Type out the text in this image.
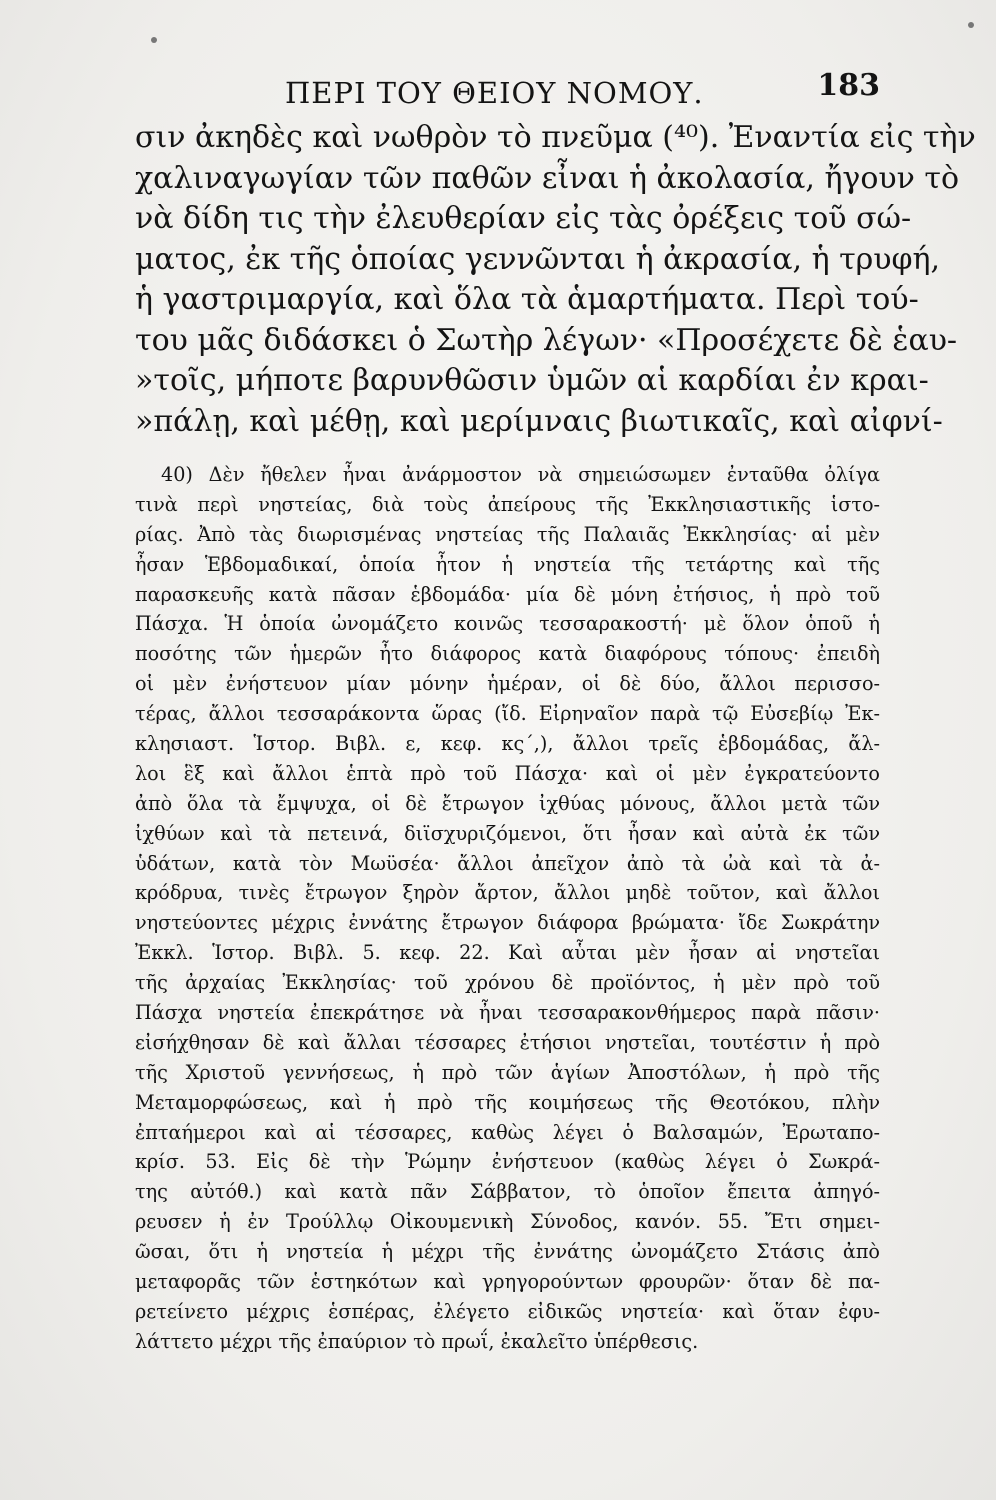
ΠΕΡΙ ΤΟΥ ΘΕΙΟΥ ΝΟΜΟΥ.	183
σιν ἀκηδὲς καὶ νωθρὸν τὸ πνεῦμα (⁴⁰). Ἐναντία εἰς τὴν
χαλιναγωγίαν τῶν παθῶν εἶναι ἡ ἀκολασία, ἤγουν τὸ
νὰ δίδη τις τὴν ἐλευθερίαν εἰς τὰς ὀρέξεις τοῦ σώ-
ματος, ἐκ τῆς ὁποίας γεννῶνται ἡ ἀκρασία, ἡ τρυφή,
ἡ γαστριμαργία, καὶ ὅλα τὰ ἁμαρτήματα. Περὶ τού-
του μᾶς διδάσκει ὁ Σωτὴρ λέγων· «Προσέχετε δὲ ἑαυ-
»τοῖς, μήποτε βαρυνθῶσιν ὑμῶν αἱ καρδίαι ἐν κραι-
»πάλῃ, καὶ μέθῃ, καὶ μερίμναις βιωτικαῖς, καὶ αἰφνί-
40) Δὲν ἤθελεν ἦναι ἀνάρμοστον νὰ σημειώσωμεν ἐνταῦθα ὀλίγα
τινὰ περὶ νηστείας, διὰ τοὺς ἀπείρους τῆς Ἐκκλησιαστικῆς ἱστο-
ρίας. Ἀπὸ τὰς διωρισμένας νηστείας τῆς Παλαιᾶς Ἐκκλησίας· αἱ μὲν
ἦσαν Ἑβδομαδικαί, ὁποία ἦτον ἡ νηστεία τῆς τετάρτης καὶ τῆς
παρασκευῆς κατὰ πᾶσαν ἑβδομάδα· μία δὲ μόνη ἐτήσιος, ἡ πρὸ τοῦ
Πάσχα. Ἡ ὁποία ὠνομάζετο κοινῶς τεσσαρακοστή· μὲ ὅλον ὁποῦ ἡ
ποσότης τῶν ἡμερῶν ἦτο διάφορος κατὰ διαφόρους τόπους· ἐπειδὴ
οἱ μὲν ἐνήστευον μίαν μόνην ἡμέραν, οἱ δὲ δύο, ἄλλοι περισσο-
τέρας, ἄλλοι τεσσαράκοντα ὥρας (ἴδ. Εἰρηναῖον παρὰ τῷ Εὐσεβίῳ Ἐκ-
κλησιαστ. Ἱστορ. Βιβλ. ε, κεφ. κς΄,), ἄλλοι τρεῖς ἑβδομάδας, ἄλ-
λοι ἓξ καὶ ἄλλοι ἑπτὰ πρὸ τοῦ Πάσχα· καὶ οἱ μὲν ἐγκρατεύοντο
ἀπὸ ὅλα τὰ ἔμψυχα, οἱ δὲ ἔτρωγον ἰχθύας μόνους, ἄλλοι μετὰ τῶν
ἰχθύων καὶ τὰ πετεινά, διϊσχυριζόμενοι, ὅτι ἦσαν καὶ αὐτὰ ἐκ τῶν
ὑδάτων, κατὰ τὸν Μωϋσέα· ἄλλοι ἀπεῖχον ἀπὸ τὰ ὠὰ καὶ τὰ ἀ-
κρόδρυα, τινὲς ἔτρωγον ξηρὸν ἄρτον, ἄλλοι μηδὲ τοῦτον, καὶ ἄλλοι
νηστεύοντες μέχρις ἐννάτης ἔτρωγον διάφορα βρώματα· ἴδε Σωκράτην
Ἐκκλ. Ἱστορ. Βιβλ. 5. κεφ. 22. Καὶ αὗται μὲν ἦσαν αἱ νηστεῖαι
τῆς ἀρχαίας Ἐκκλησίας· τοῦ χρόνου δὲ προϊόντος, ἡ μὲν πρὸ τοῦ
Πάσχα νηστεία ἐπεκράτησε νὰ ἦναι τεσσαρακονθήμερος παρὰ πᾶσιν·
εἰσήχθησαν δὲ καὶ ἄλλαι τέσσαρες ἐτήσιοι νηστεῖαι, τουτέστιν ἡ πρὸ
τῆς Χριστοῦ γεννήσεως, ἡ πρὸ τῶν ἁγίων Ἀποστόλων, ἡ πρὸ τῆς
Μεταμορφώσεως, καὶ ἡ πρὸ τῆς κοιμήσεως τῆς Θεοτόκου, πλὴν
ἐπταήμεροι καὶ αἱ τέσσαρες, καθὼς λέγει ὁ Βαλσαμών, Ἐρωταπο-
κρίσ. 53. Εἰς δὲ τὴν Ῥώμην ἐνήστευον (καθὼς λέγει ὁ Σωκρά-
της αὐτόθ.) καὶ κατὰ πᾶν Σάββατον, τὸ ὁποῖον ἔπειτα ἀπηγό-
ρευσεν ἡ ἐν Τρούλλῳ Οἰκουμενικὴ Σύνοδος, κανόν. 55. Ἔτι σημει-
ῶσαι, ὅτι ἡ νηστεία ἡ μέχρι τῆς ἐννάτης ὠνομάζετο Στάσις ἀπὸ
μεταφορᾶς τῶν ἑστηκότων καὶ γρηγορούντων φρουρῶν· ὅταν δὲ πα-
ρετείνετο μέχρις ἑσπέρας, ἐλέγετο εἰδικῶς νηστεία· καὶ ὅταν ἐφυ-
λάττετο μέχρι τῆς ἐπαύριον τὸ πρωΐ, ἐκαλεῖτο ὑπέρθεσις.
